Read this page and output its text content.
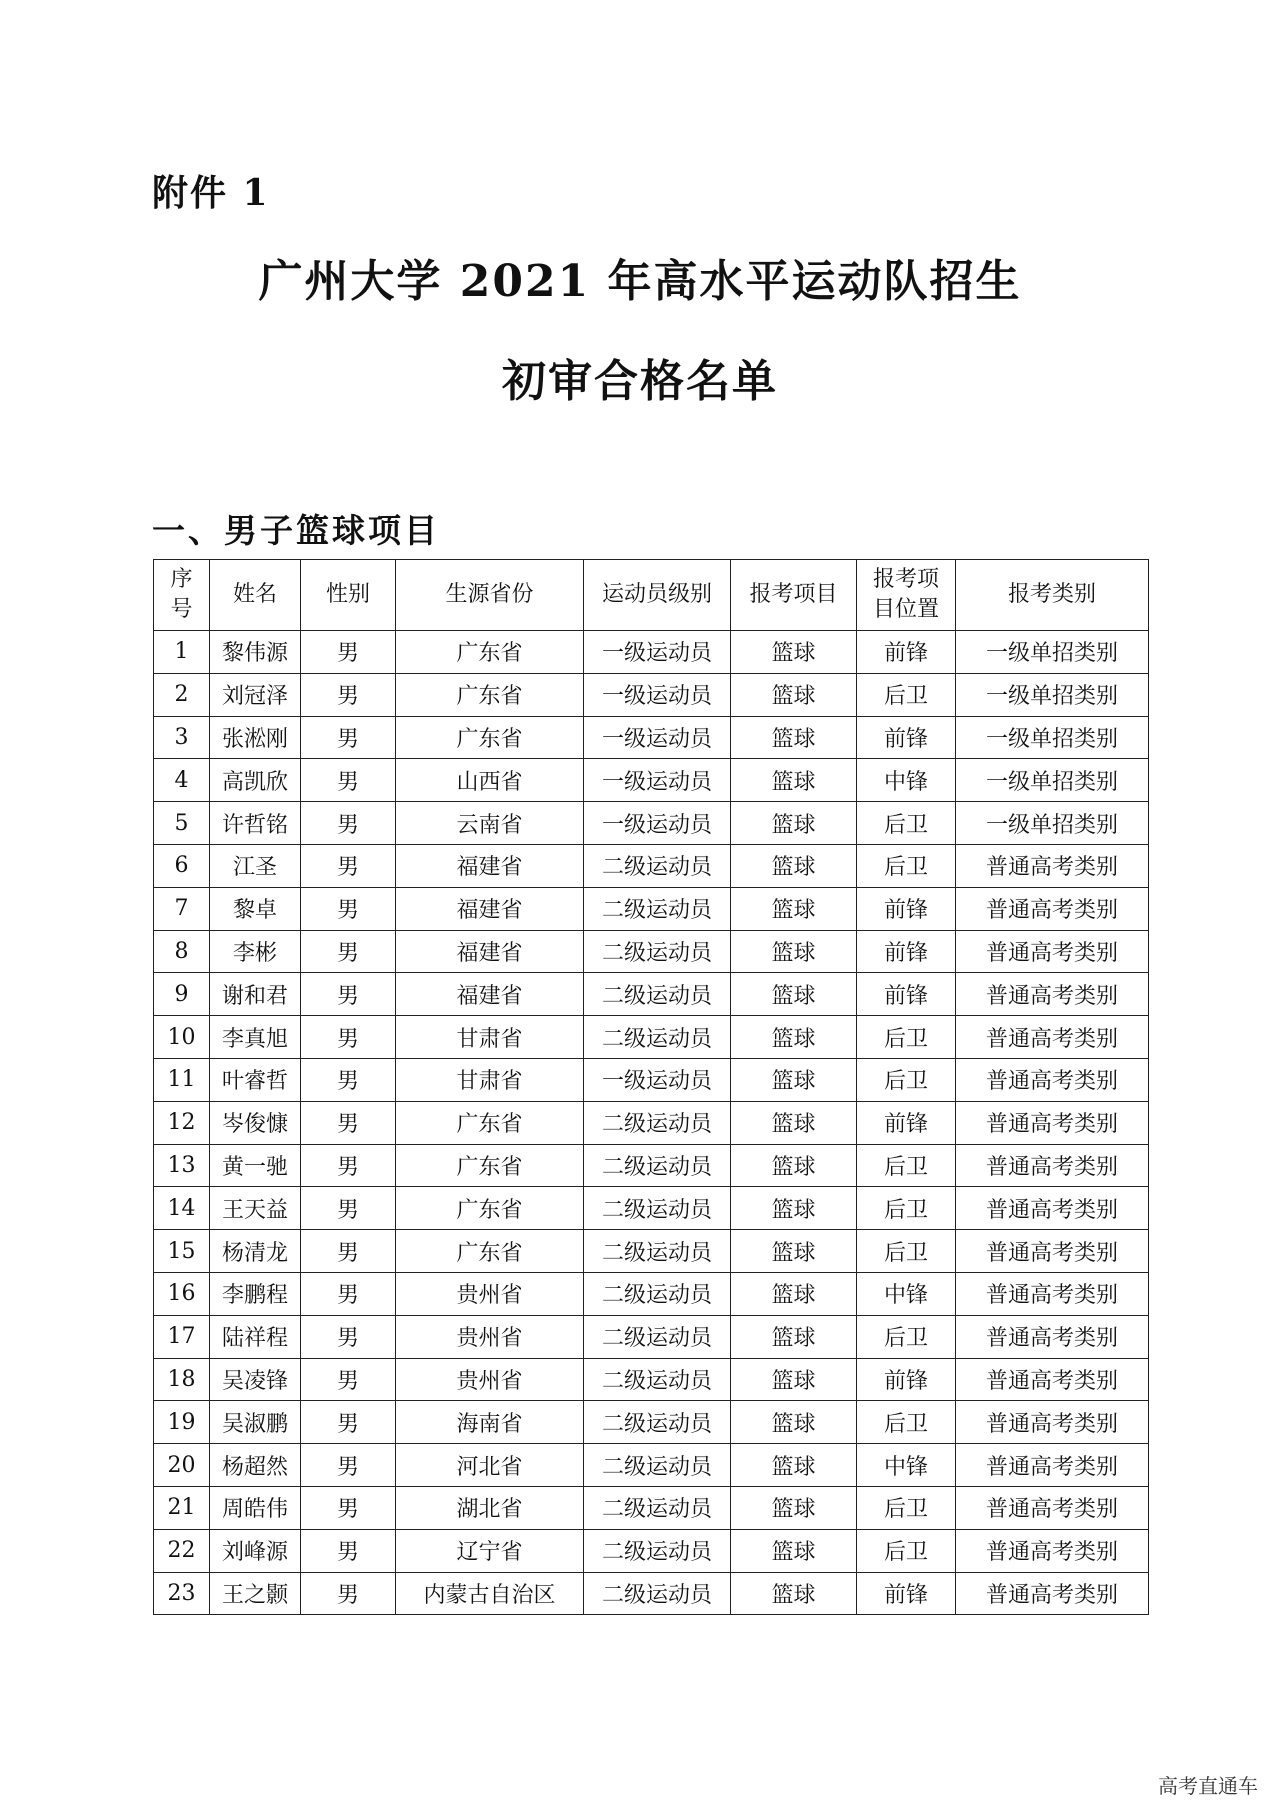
附件 1
广州大学 2021 年高水平运动队招生
初审合格名单
一、男子篮球项目
序号	姓名	性别	生源省份	运动员级别	报考项目	报考项目位置	报考类别
1	黎伟源	男	广东省	一级运动员	篮球	前锋	一级单招类别
2	刘冠泽	男	广东省	一级运动员	篮球	后卫	一级单招类别
3	张淞刚	男	广东省	一级运动员	篮球	前锋	一级单招类别
4	高凯欣	男	山西省	一级运动员	篮球	中锋	一级单招类别
5	许哲铭	男	云南省	一级运动员	篮球	后卫	一级单招类别
6	江圣	男	福建省	二级运动员	篮球	后卫	普通高考类别
7	黎卓	男	福建省	二级运动员	篮球	前锋	普通高考类别
8	李彬	男	福建省	二级运动员	篮球	前锋	普通高考类别
9	谢和君	男	福建省	二级运动员	篮球	前锋	普通高考类别
10	李真旭	男	甘肃省	二级运动员	篮球	后卫	普通高考类别
11	叶睿哲	男	甘肃省	一级运动员	篮球	后卫	普通高考类别
12	岑俊慷	男	广东省	二级运动员	篮球	前锋	普通高考类别
13	黄一驰	男	广东省	二级运动员	篮球	后卫	普通高考类别
14	王天益	男	广东省	二级运动员	篮球	后卫	普通高考类别
15	杨清龙	男	广东省	二级运动员	篮球	后卫	普通高考类别
16	李鹏程	男	贵州省	二级运动员	篮球	中锋	普通高考类别
17	陆祥程	男	贵州省	二级运动员	篮球	后卫	普通高考类别
18	吴凌锋	男	贵州省	二级运动员	篮球	前锋	普通高考类别
19	吴淑鹏	男	海南省	二级运动员	篮球	后卫	普通高考类别
20	杨超然	男	河北省	二级运动员	篮球	中锋	普通高考类别
21	周皓伟	男	湖北省	二级运动员	篮球	后卫	普通高考类别
22	刘峰源	男	辽宁省	二级运动员	篮球	后卫	普通高考类别
23	王之颢	男	内蒙古自治区	二级运动员	篮球	前锋	普通高考类别
高考直通车
